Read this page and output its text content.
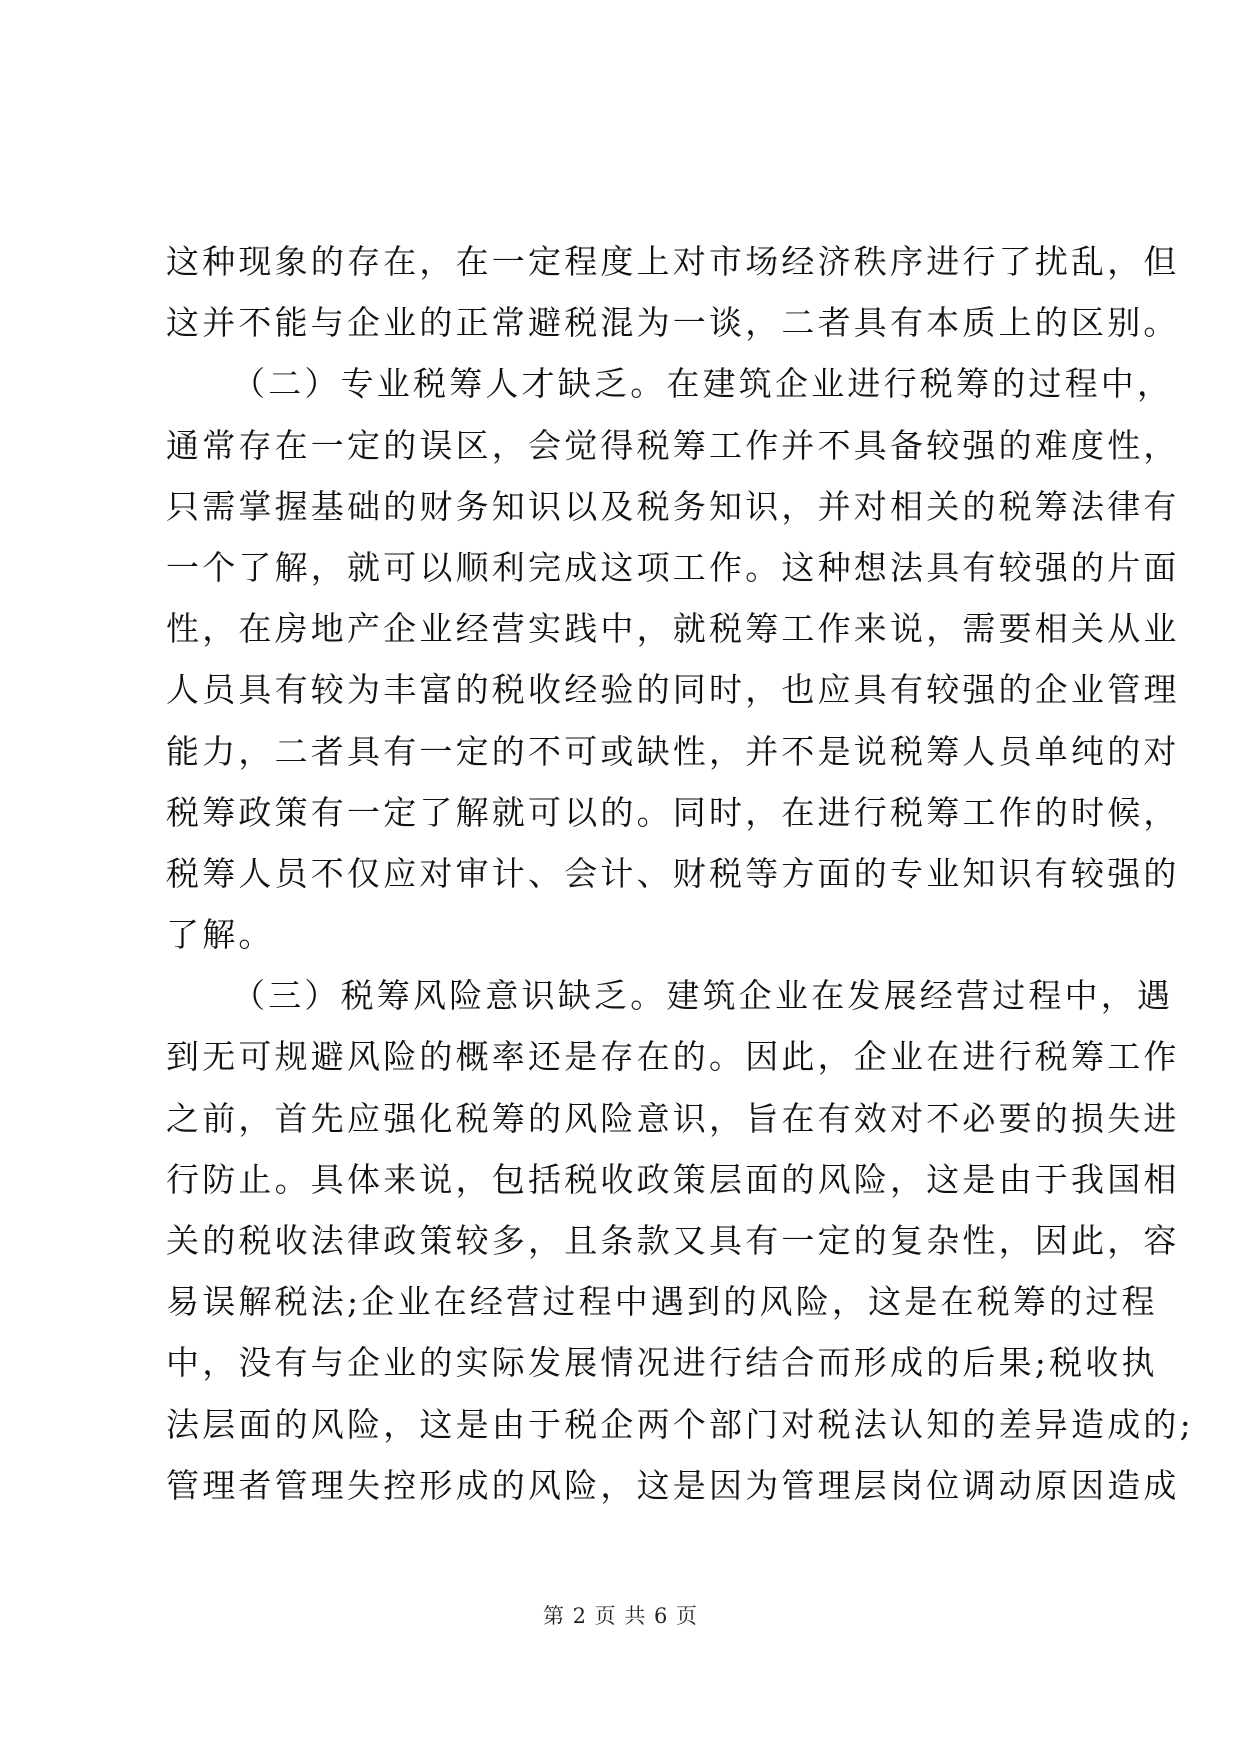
这种现象的存在，在一定程度上对市场经济秩序进行了扰乱，但
这并不能与企业的正常避税混为一谈，二者具有本质上的区别。
（二）专业税筹人才缺乏。在建筑企业进行税筹的过程中，
通常存在一定的误区，会觉得税筹工作并不具备较强的难度性，
只需掌握基础的财务知识以及税务知识，并对相关的税筹法律有
一个了解，就可以顺利完成这项工作。这种想法具有较强的片面
性，在房地产企业经营实践中，就税筹工作来说，需要相关从业
人员具有较为丰富的税收经验的同时，也应具有较强的企业管理
能力，二者具有一定的不可或缺性，并不是说税筹人员单纯的对
税筹政策有一定了解就可以的。同时，在进行税筹工作的时候，
税筹人员不仅应对审计、会计、财税等方面的专业知识有较强的
了解。
（三）税筹风险意识缺乏。建筑企业在发展经营过程中，遇
到无可规避风险的概率还是存在的。因此，企业在进行税筹工作
之前，首先应强化税筹的风险意识，旨在有效对不必要的损失进
行防止。具体来说，包括税收政策层面的风险，这是由于我国相
关的税收法律政策较多，且条款又具有一定的复杂性，因此，容
易误解税法;企业在经营过程中遇到的风险，这是在税筹的过程
中，没有与企业的实际发展情况进行结合而形成的后果;税收执
法层面的风险，这是由于税企两个部门对税法认知的差异造成的;
管理者管理失控形成的风险，这是因为管理层岗位调动原因造成
第 2 页 共 6 页
